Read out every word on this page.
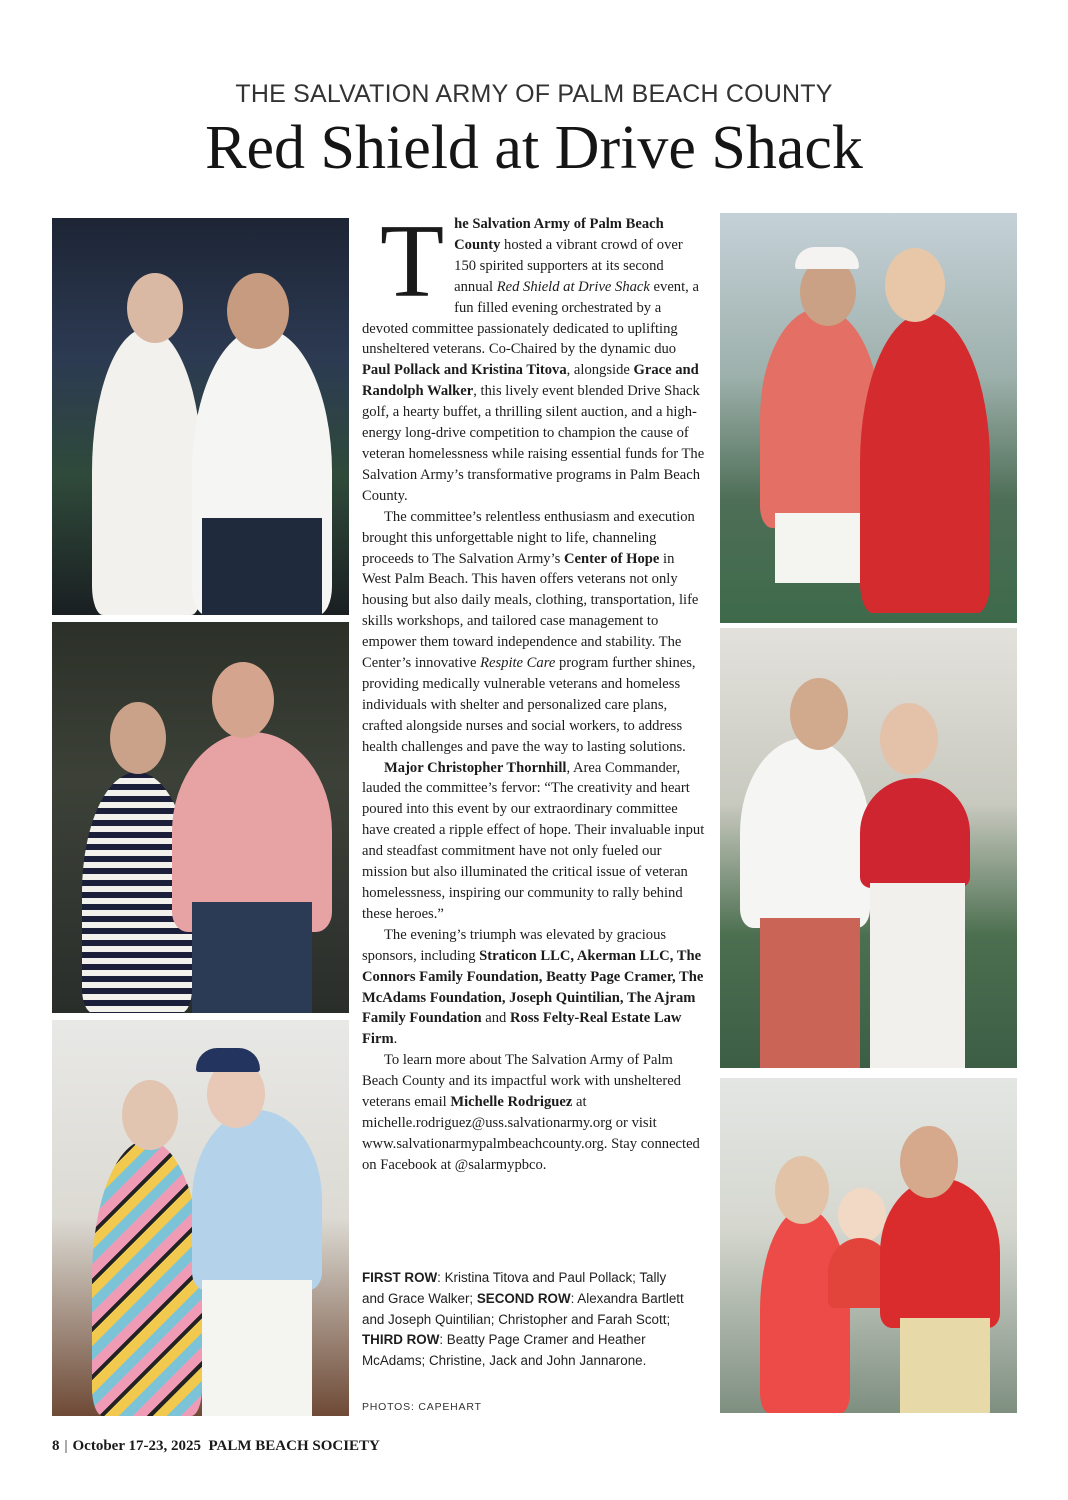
THE SALVATION ARMY OF PALM BEACH COUNTY
Red Shield at Drive Shack
T he Salvation Army of Palm Beach County hosted a vibrant crowd of over 150 spirited supporters at its second annual Red Shield at Drive Shack event, a fun filled evening orchestrated by a devoted committee passionately dedicated to uplifting unsheltered veterans. Co-Chaired by the dynamic duo Paul Pollack and Kristina Titova, alongside Grace and Randolph Walker, this lively event blended Drive Shack golf, a hearty buffet, a thrilling silent auction, and a high-energy long-drive competition to champion the cause of veteran homelessness while raising essential funds for The Salvation Army’s transformative programs in Palm Beach County.

The committee’s relentless enthusiasm and execution brought this unforgettable night to life, channeling proceeds to The Salvation Army’s Center of Hope in West Palm Beach. This haven offers veterans not only housing but also daily meals, clothing, transportation, life skills workshops, and tailored case management to empower them toward independence and stability. The Center’s innovative Respite Care program further shines, providing medically vulnerable veterans and homeless individuals with shelter and personalized care plans, crafted alongside nurses and social workers, to address health challenges and pave the way to lasting solutions.

Major Christopher Thornhill, Area Commander, lauded the committee’s fervor: “The creativity and heart poured into this event by our extraordinary committee have created a ripple effect of hope. Their invaluable input and steadfast commitment have not only fueled our mission but also illuminated the critical issue of veteran homelessness, inspiring our community to rally behind these heroes.”

The evening’s triumph was elevated by gracious sponsors, including Straticon LLC, Akerman LLC, The Connors Family Foundation, Beatty Page Cramer, The McAdams Foundation, Joseph Quintilian, The Ajram Family Foundation and Ross Felty-Real Estate Law Firm.

To learn more about The Salvation Army of Palm Beach County and its impactful work with unsheltered veterans email Michelle Rodriguez at michelle.rodriguez@uss.salvationarmy.org or visit www.salvationarmypalmbeachcounty.org. Stay connected on Facebook at @salarmypbco.

FIRST ROW: Kristina Titova and Paul Pollack; Tally and Grace Walker; SECOND ROW: Alexandra Bartlett and Joseph Quintilian; Christopher and Farah Scott; THIRD ROW: Beatty Page Cramer and Heather McAdams; Christine, Jack and John Jannarone.
PHOTOS: CAPEHART
8 | October 17-23, 2025 PALM BEACH SOCIETY
